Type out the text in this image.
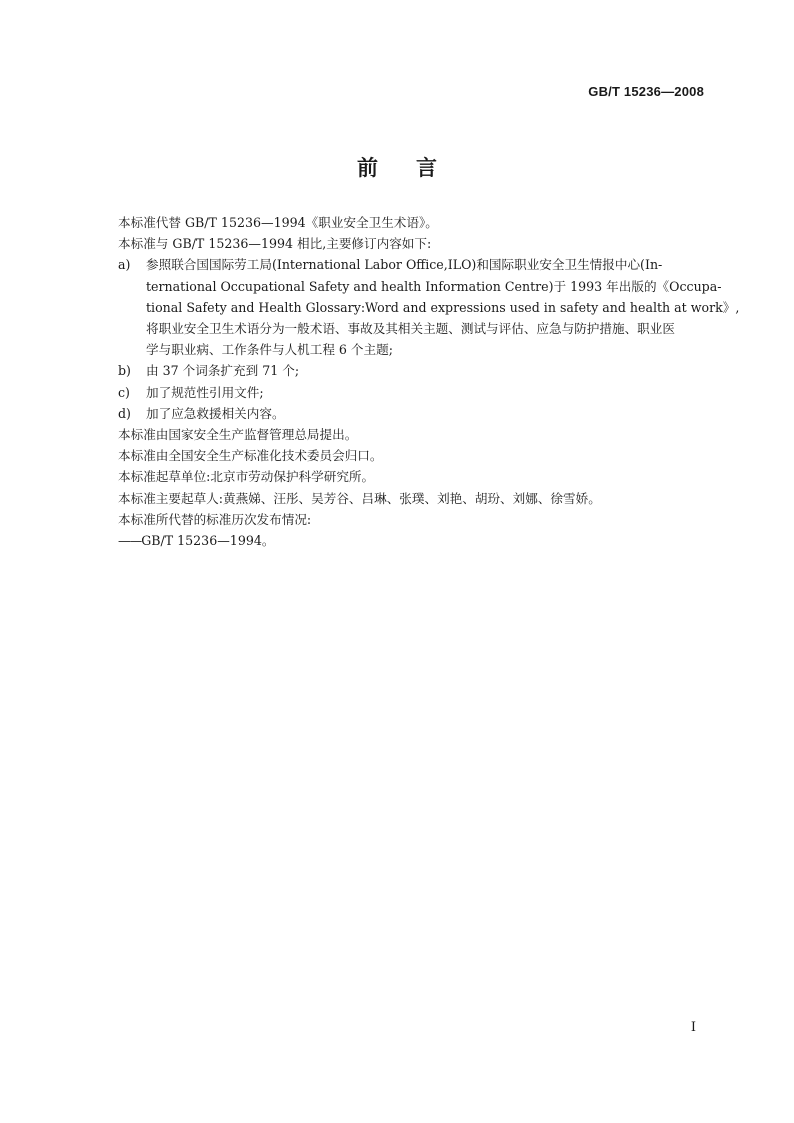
GB/T 15236—2008
前言

本标准代替 GB/T 15236—1994《职业安全卫生术语》。

本标准与 GB/T 15236—1994 相比,主要修订内容如下:

a)	参照联合国国际劳工局(International Labor Office,ILO)和国际职业安全卫生情报中心(In-
ternational Occupational Safety and health Information Centre)于 1993 年出版的《Occupa-
tional Safety and Health Glossary:Word and expressions used in safety and health at work》,
将职业安全卫生术语分为一般术语、事故及其相关主题、测试与评估、应急与防护措施、职业医
学与职业病、工作条件与人机工程 6 个主题;
b)	由 37 个词条扩充到 71 个;
c)	加了规范性引用文件;
d)	加了应急救援相关内容。

本标准由国家安全生产监督管理总局提出。

本标准由全国安全生产标准化技术委员会归口。

本标准起草单位:北京市劳动保护科学研究所。

本标准主要起草人:黄燕娣、汪彤、吴芳谷、吕琳、张璞、刘艳、胡玢、刘娜、徐雪娇。

本标准所代替的标准历次发布情况:

——GB/T 15236—1994。

I
